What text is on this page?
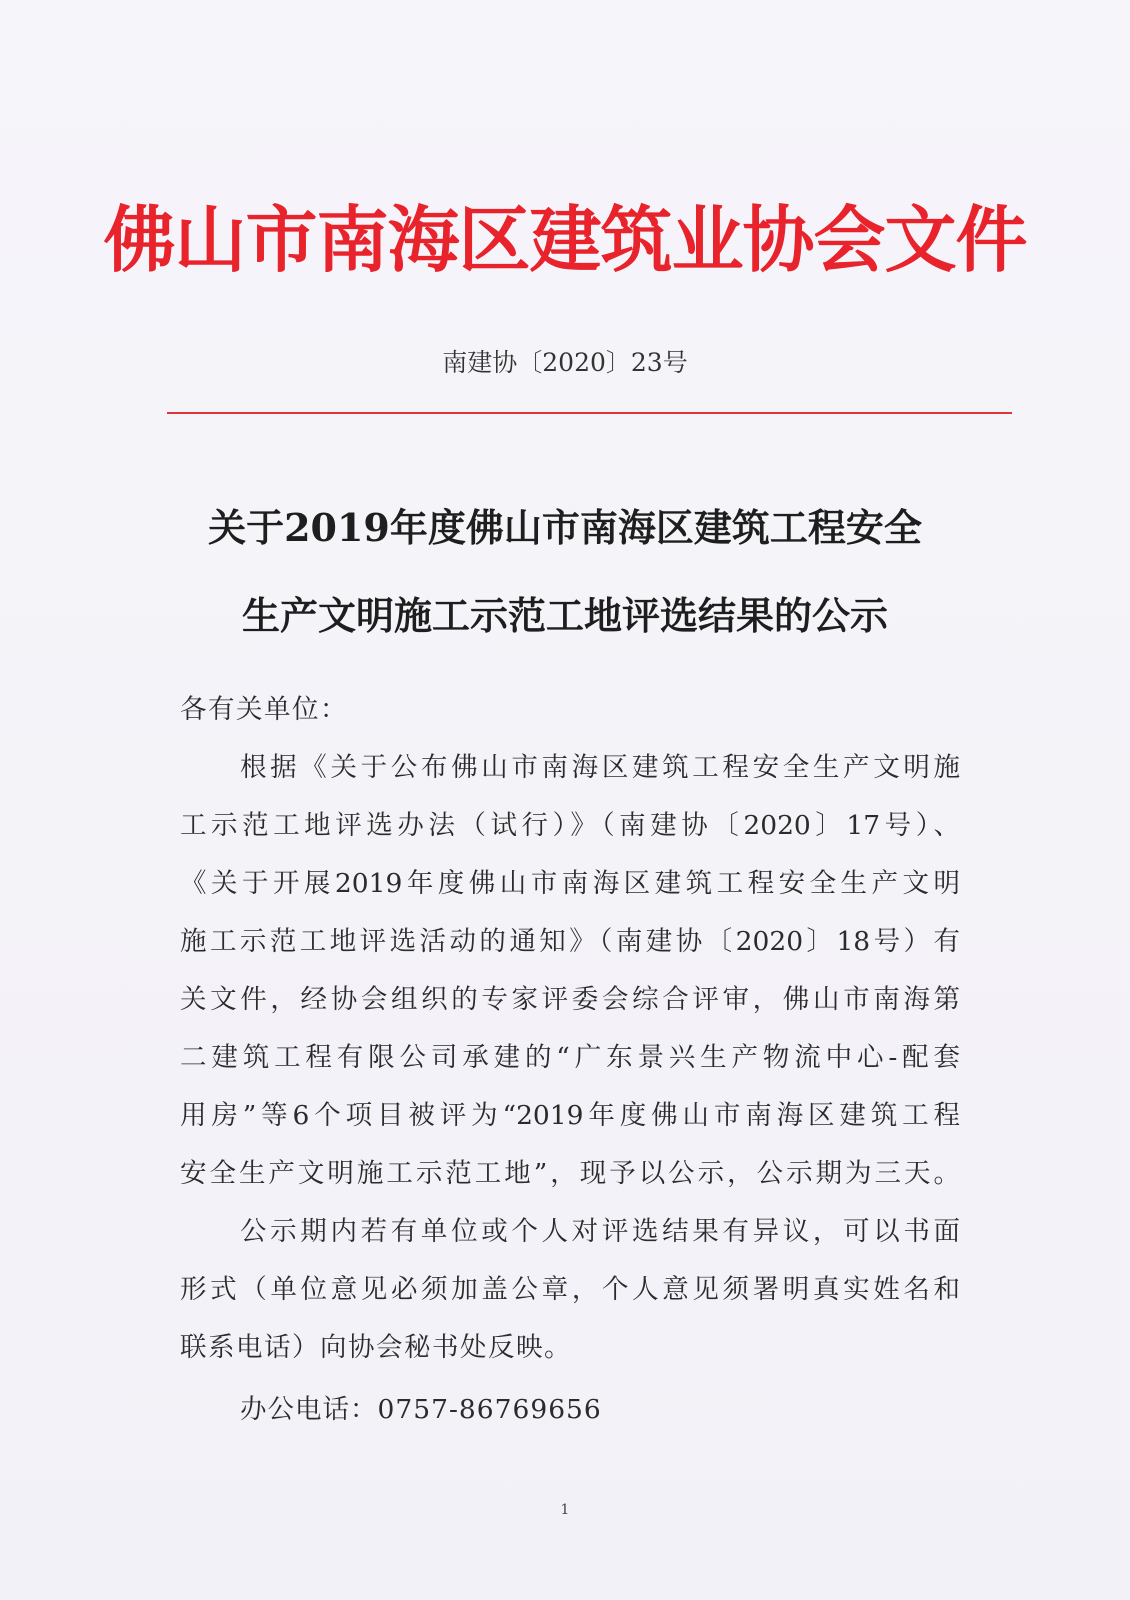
佛山市南海区建筑业协会文件
南建协〔2020〕23号
关于2019年度佛山市南海区建筑工程安全
生产文明施工示范工地评选结果的公示
各有关单位：
根据《关于公布佛山市南海区建筑工程安全生产文明施
工示范工地评选办法（试行）》（南建协〔2020〕17号）、
《关于开展2019年度佛山市南海区建筑工程安全生产文明
施工示范工地评选活动的通知》（南建协〔2020〕18号）有
关文件，经协会组织的专家评委会综合评审，佛山市南海第
二建筑工程有限公司承建的“广东景兴生产物流中心-配套
用房”等6个项目被评为“2019年度佛山市南海区建筑工程
安全生产文明施工示范工地”，现予以公示，公示期为三天。
公示期内若有单位或个人对评选结果有异议，可以书面
形式（单位意见必须加盖公章，个人意见须署明真实姓名和
联系电话）向协会秘书处反映。
办公电话：0757-86769656
1
